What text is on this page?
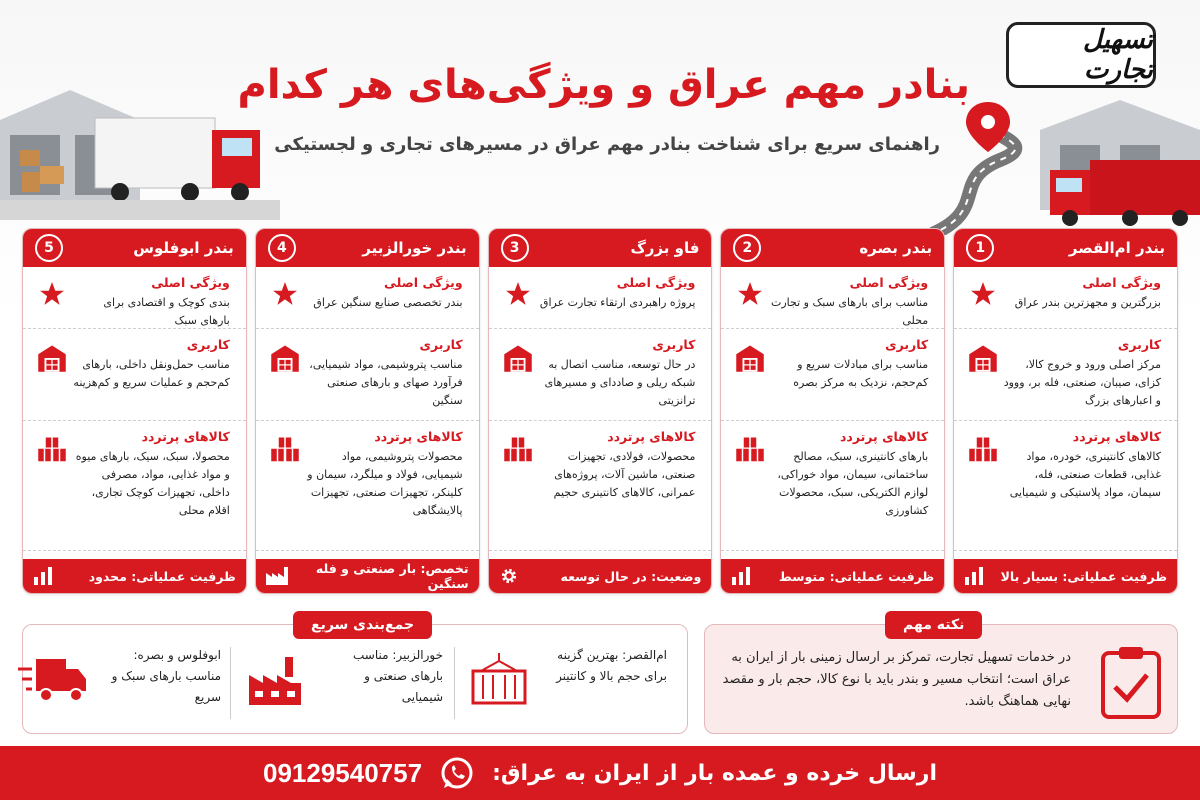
تسهیل تجارت
بنادر مهم عراق و ویژگی‌های هر کدام
راهنمای سریع برای شناخت بنادر مهم عراق در مسیرهای تجاری و لجستیکی
بندر ام‌القصر
1
ویژگی اصلی
بزرگترین و مجهزترین بندر عراق
کاربری
مرکز اصلی ورود و خروج کالا، کزای، صیبان، صنعتی، فله بر، ووود و اعبارهای بزرگ
کالاهای پرتردد
کالاهای کانتینری، خودره، مواد غذایی، قطعات صنعتی، فله، سیمان، مواد پلاستیکی و شیمیایی
ظرفیت عملیاتی: بسیار بالا
بندر بصره
2
ویژگی اصلی
مناسب برای بارهای سبک و تجارت محلی
کاربری
مناسب برای مبادلات سریع و کم‌حجم، نزدیک به مرکز بصره
کالاهای پرتردد
بارهای کانتینری، سبک، مصالح ساختمانی، سیمان، مواد خوراکی، لوازم الکتریکی، سبک، محصولات کشاورزی
ظرفیت عملیاتی: متوسط
فاو بزرگ
3
ویژگی اصلی
پروژه راهبردی ارتقاء تجارت عراق
کاربری
در حال توسعه، مناسب اتصال به شبکه ریلی و صاددای و مسیرهای ترانزیتی
کالاهای پرتردد
محصولات، فولادی، تجهیزات صنعتی، ماشین آلات، پروژه‌های عمرانی، کالاهای کانتینری حجیم
وضعیت: در حال توسعه
بندر خورالزبیر
4
ویژگی اصلی
بندر تخصصی صنایع سنگین عراق
کاربری
مناسب پتروشیمی، مواد شیمیایی، فرآورد صهای و بارهای صنعتی سنگین
کالاهای پرتردد
محصولات پتروشیمی، مواد شیمیایی، فولاد و میلگرد، سیمان و کلینکر، تجهیزات صنعتی، تجهیزات پالایشگاهی
تخصص: بار صنعتی و فله سنگین
بندر ابوفلوس
5
ویژگی اصلی
بندی کوچک و اقتصادی برای بارهای سبک
کاربری
مناسب حمل‌ونقل داخلی، بارهای کم‌حجم و عملیات سریع و کم‌هزینه
کالاهای پرتردد
محصولا، سبک، سیک، بارهای میوه و مواد غذایی، مواد، مصرفی داخلی، تجهیزات کوچک تجاری، اقلام محلی
ظرفیت عملیاتی: محدود
جمع‌بندی سریع
ام‌القصر: بهترین گزینه برای حجم بالا و کانتینر
خورالزبیر: مناسب بارهای صنعتی و شیمیایی
ابوفلوس و بصره: مناسب بارهای سبک و سریع
نکته مهم
در خدمات تسهیل تجارت، تمرکز بر ارسال زمینی بار از ایران به عراق است؛ انتخاب مسیر و بندر باید با نوع کالا، حجم بار و مقصد نهایی هماهنگ باشد.
ارسال خرده و عمده بار از ایران به عراق:
09129540757
